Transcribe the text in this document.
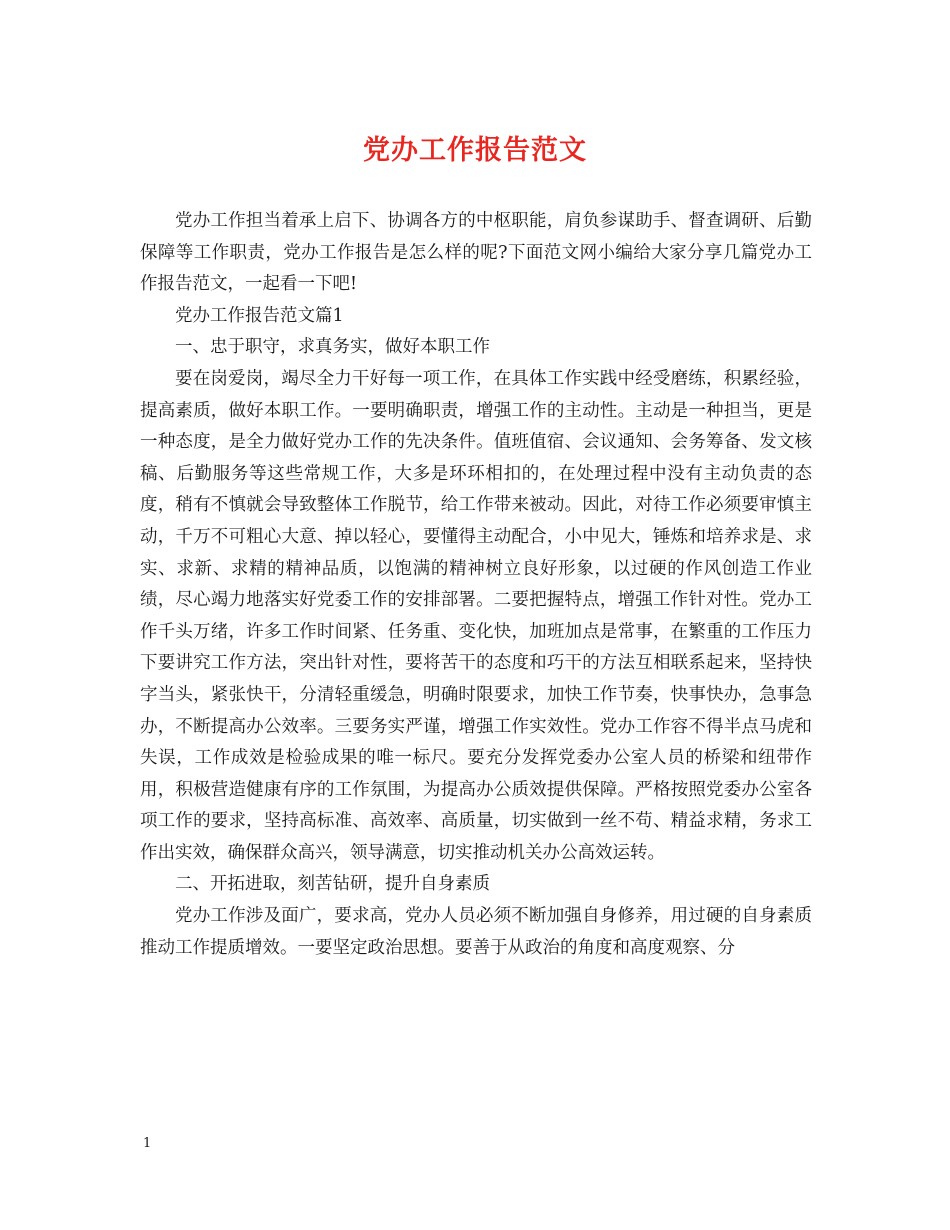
党办工作报告范文

党办工作担当着承上启下、协调各方的中枢职能，肩负参谋助手、督查调研、后勤保障等工作职责，党办工作报告是怎么样的呢?下面范文网小编给大家分享几篇党办工作报告范文，一起看一下吧!

党办工作报告范文篇1

一、忠于职守，求真务实，做好本职工作

要在岗爱岗，竭尽全力干好每一项工作，在具体工作实践中经受磨练，积累经验，提高素质，做好本职工作。一要明确职责，增强工作的主动性。主动是一种担当，更是一种态度，是全力做好党办工作的先决条件。值班值宿、会议通知、会务筹备、发文核稿、后勤服务等这些常规工作，大多是环环相扣的，在处理过程中没有主动负责的态度，稍有不慎就会导致整体工作脱节，给工作带来被动。因此，对待工作必须要审慎主动，千万不可粗心大意、掉以轻心，要懂得主动配合，小中见大，锤炼和培养求是、求实、求新、求精的精神品质，以饱满的精神树立良好形象，以过硬的作风创造工作业绩，尽心竭力地落实好党委工作的安排部署。二要把握特点，增强工作针对性。党办工作千头万绪，许多工作时间紧、任务重、变化快，加班加点是常事，在繁重的工作压力下要讲究工作方法，突出针对性，要将苦干的态度和巧干的方法互相联系起来，坚持快字当头，紧张快干，分清轻重缓急，明确时限要求，加快工作节奏，快事快办，急事急办，不断提高办公效率。三要务实严谨，增强工作实效性。党办工作容不得半点马虎和失误，工作成效是检验成果的唯一标尺。要充分发挥党委办公室人员的桥梁和纽带作用，积极营造健康有序的工作氛围，为提高办公质效提供保障。严格按照党委办公室各项工作的要求，坚持高标准、高效率、高质量，切实做到一丝不苟、精益求精，务求工作出实效，确保群众高兴，领导满意，切实推动机关办公高效运转。

二、开拓进取，刻苦钻研，提升自身素质

党办工作涉及面广，要求高，党办人员必须不断加强自身修养，用过硬的自身素质推动工作提质增效。一要坚定政治思想。要善于从政治的角度和高度观察、分

1
